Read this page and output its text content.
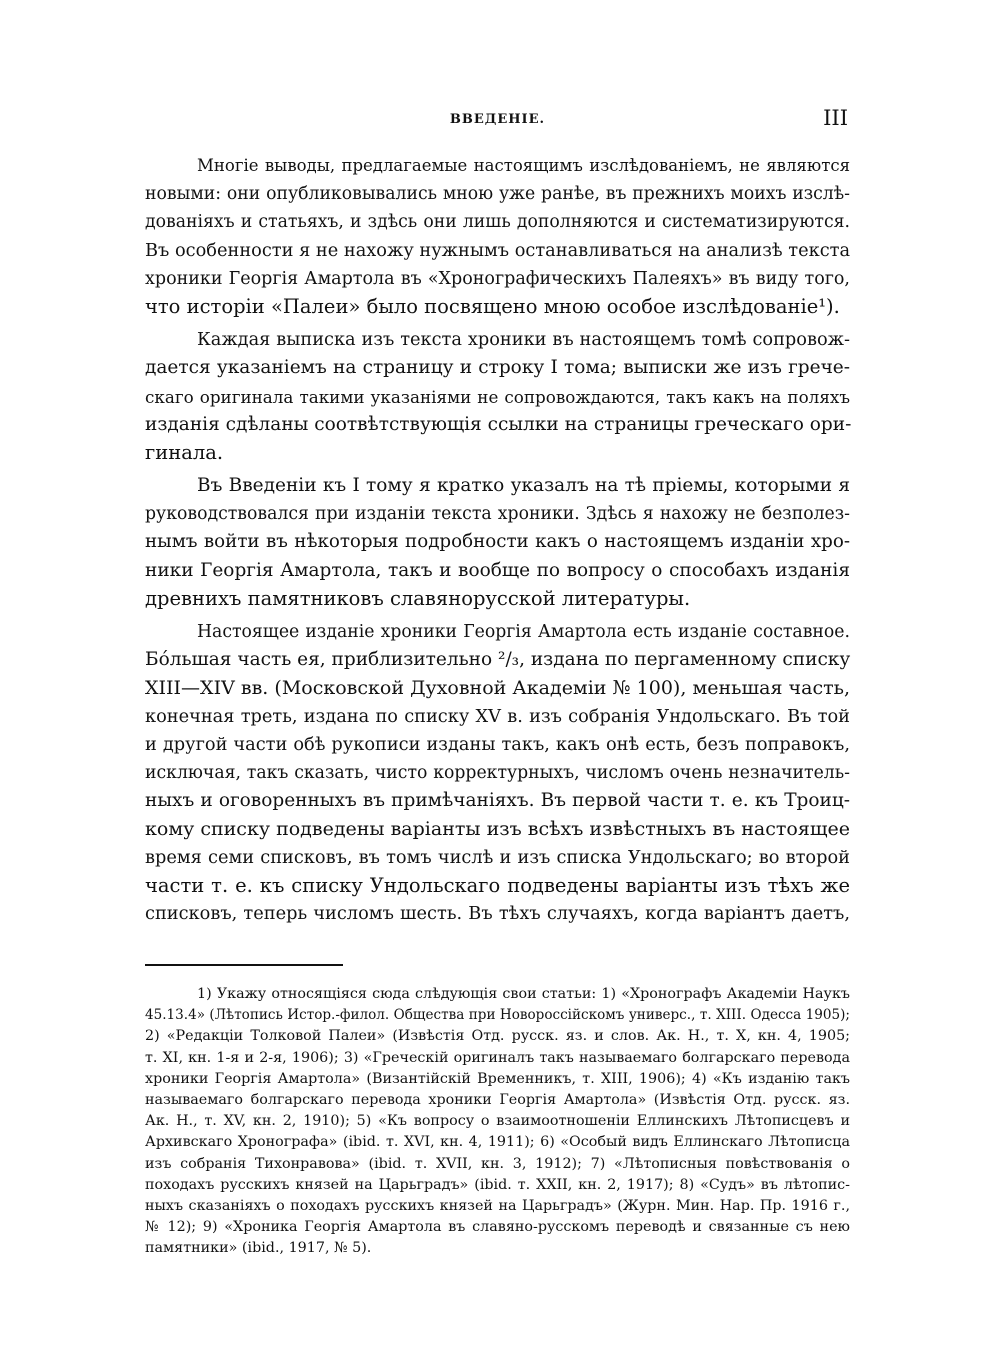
ВВЕДЕНІЕ.	III
Многіе выводы, предлагаемые настоящимъ изслѣдованіемъ, не являются
новыми: они опубликовывались мною уже ранѣе, въ прежнихъ моихъ изслѣ-
дованіяхъ и статьяхъ, и здѣсь они лишь дополняются и систематизируются.
Въ особенности я не нахожу нужнымъ останавливаться на анализѣ текста
хроники Георгія Амартола въ «Хронографическихъ Палеяхъ» въ виду того,
что исторіи «Палеи» было посвящено мною особое изслѣдованіе¹).
Каждая выписка изъ текста хроники въ настоящемъ томѣ сопровож-
дается указаніемъ на страницу и строку I тома; выписки же изъ грече-
скаго оригинала такими указаніями не сопровождаются, такъ какъ на поляхъ
изданія сдѣланы соотвѣтствующія ссылки на страницы греческаго ори-
гинала.
Въ Введеніи къ I тому я кратко указалъ на тѣ пріемы, которыми я
руководствовался при изданіи текста хроники. Здѣсь я нахожу не безполез-
нымъ войти въ нѣкоторыя подробности какъ о настоящемъ изданіи хро-
ники Георгія Амартола, такъ и вообще по вопросу о способахъ изданія
древнихъ памятниковъ славянорусской литературы.
Настоящее изданіе хроники Георгія Амартола есть изданіе составное.
Бóльшая часть ея, приблизительно ²/₃, издана по пергаменному списку
XIII—XIV вв. (Московской Духовной Академіи № 100), меньшая часть,
конечная треть, издана по списку XV в. изъ собранія Ундольскаго. Въ той
и другой части обѣ рукописи изданы такъ, какъ онѣ есть, безъ поправокъ,
исключая, такъ сказать, чисто корректурныхъ, числомъ очень незначитель-
ныхъ и оговоренныхъ въ примѣчаніяхъ. Въ первой части т. е. къ Троиц-
кому списку подведены варіанты изъ всѣхъ извѣстныхъ въ настоящее
время семи списковъ, въ томъ числѣ и изъ списка Ундольскаго; во второй
части т. е. къ списку Ундольскаго подведены варіанты изъ тѣхъ же
списковъ, теперь числомъ шесть. Въ тѣхъ случаяхъ, когда варіантъ даетъ,
1) Укажу относящіяся сюда слѣдующія свои статьи: 1) «Хронографъ Академіи Наукъ
45.13.4» (Лѣтопись Истор.-филол. Общества при Новороссійскомъ универс., т. XIII. Одесса 1905);
2) «Редакціи Толковой Палеи» (Извѣстія Отд. русск. яз. и слов. Ак. Н., т. X, кн. 4, 1905;
т. XI, кн. 1-я и 2-я, 1906); 3) «Греческій оригиналъ такъ называемаго болгарскаго перевода
хроники Георгія Амартола» (Византійскій Временникъ, т. XIII, 1906); 4) «Къ изданію такъ
называемаго болгарскаго перевода хроники Георгія Амартола» (Извѣстія Отд. русск. яз.
Ак. Н., т. XV, кн. 2, 1910); 5) «Къ вопросу о взаимоотношеніи Еллинскихъ Лѣтописцевъ и
Архивскаго Хронографа» (ibid. т. XVI, кн. 4, 1911); 6) «Особый видъ Еллинскаго Лѣтописца
изъ собранія Тихонравова» (ibid. т. XVII, кн. 3, 1912); 7) «Лѣтописныя повѣствованія о
походахъ русскихъ князей на Царьградъ» (ibid. т. XXII, кн. 2, 1917); 8) «Судъ» въ лѣтопис-
ныхъ сказаніяхъ о походахъ русскихъ князей на Царьградъ» (Журн. Мин. Нар. Пр. 1916 г.,
№ 12); 9) «Хроника Георгія Амартола въ славяно-русскомъ переводѣ и связанные съ нею
памятники» (ibid., 1917, № 5).
